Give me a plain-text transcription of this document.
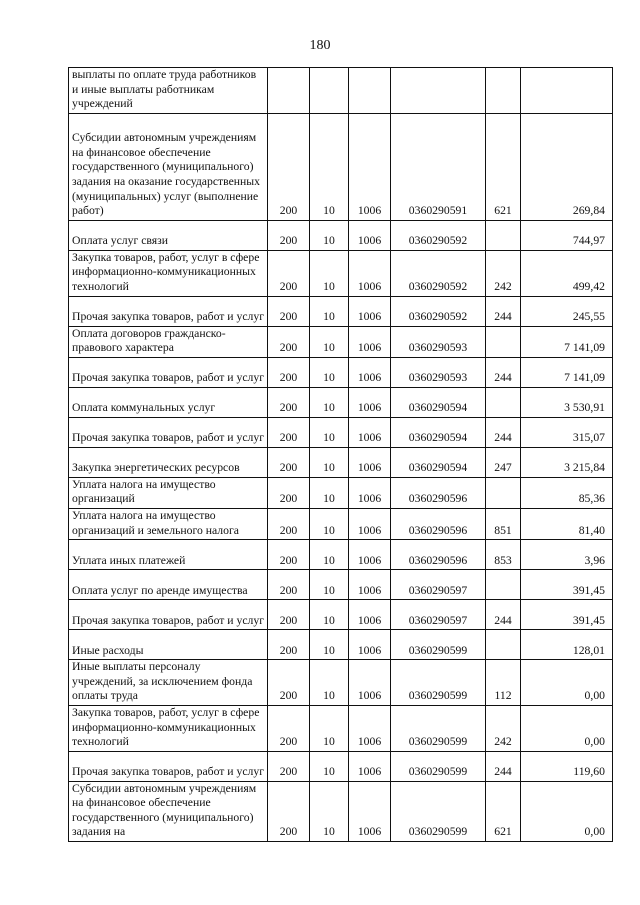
180
выплаты по оплате труда работников и иные выплаты работникам учреждений						
Субсидии автономным учреждениям на финансовое обеспечение государственного (муниципального) задания на оказание государственных (муниципальных) услуг (выполнение работ)	200	10	1006	0360290591	621	269,84
Оплата услуг связи	200	10	1006	0360290592		744,97
Закупка товаров, работ, услуг в сфере информационно-коммуникационных технологий	200	10	1006	0360290592	242	499,42
Прочая закупка товаров, работ и услуг	200	10	1006	0360290592	244	245,55
Оплата договоров гражданско-правового характера	200	10	1006	0360290593		7 141,09
Прочая закупка товаров, работ и услуг	200	10	1006	0360290593	244	7 141,09
Оплата коммунальных услуг	200	10	1006	0360290594		3 530,91
Прочая закупка товаров, работ и услуг	200	10	1006	0360290594	244	315,07
Закупка энергетических ресурсов	200	10	1006	0360290594	247	3 215,84
Уплата налога на имущество организаций	200	10	1006	0360290596		85,36
Уплата налога на имущество организаций и земельного налога	200	10	1006	0360290596	851	81,40
Уплата иных платежей	200	10	1006	0360290596	853	3,96
Оплата услуг по аренде имущества	200	10	1006	0360290597		391,45
Прочая закупка товаров, работ и услуг	200	10	1006	0360290597	244	391,45
Иные расходы	200	10	1006	0360290599		128,01
Иные выплаты персоналу учреждений, за исключением фонда оплаты труда	200	10	1006	0360290599	112	0,00
Закупка товаров, работ, услуг в сфере информационно-коммуникационных технологий	200	10	1006	0360290599	242	0,00
Прочая закупка товаров, работ и услуг	200	10	1006	0360290599	244	119,60
Субсидии автономным учреждениям на финансовое обеспечение государственного (муниципального) задания на	200	10	1006	0360290599	621	0,00
